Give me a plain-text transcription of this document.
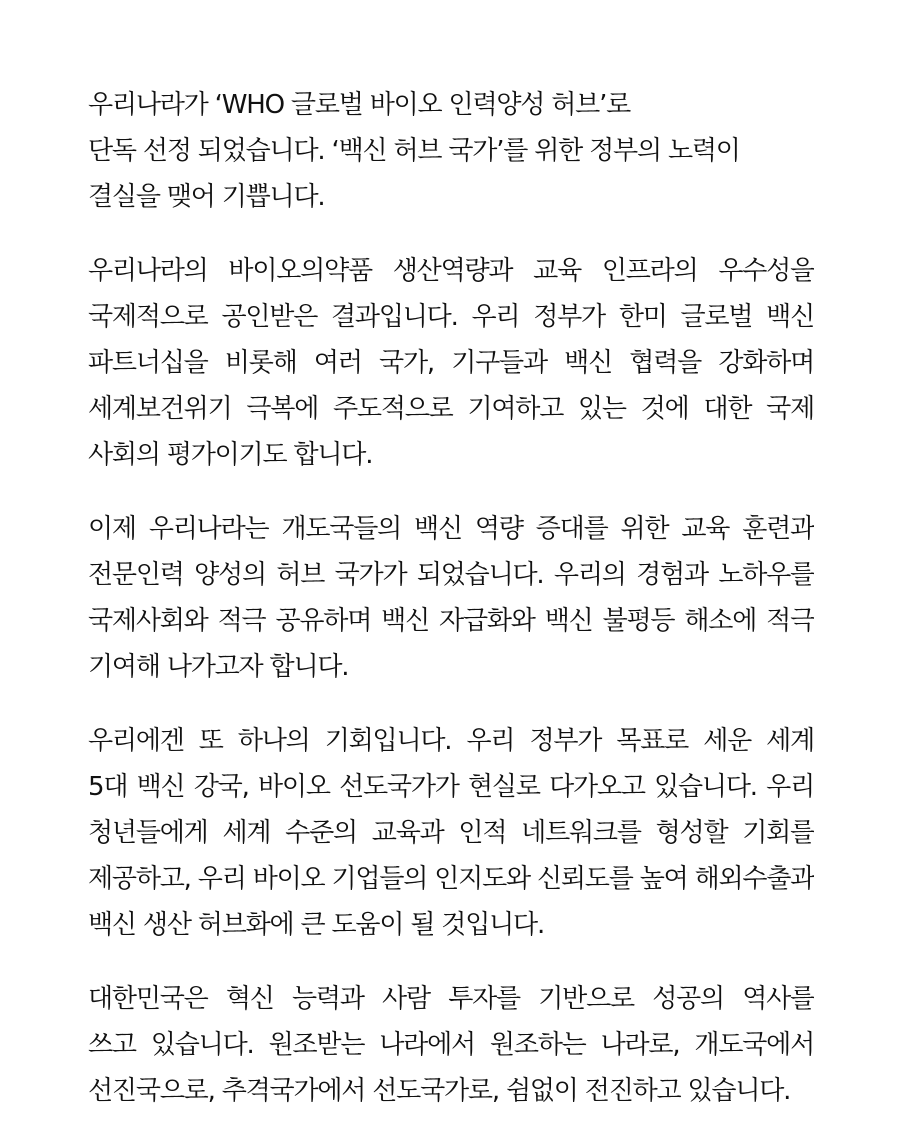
우리나라가 ‘WHO 글로벌 바이오 인력양성 허브’로
단독 선정 되었습니다. ‘백신 허브 국가’를 위한 정부의 노력이
결실을 맺어 기쁩니다.

우리나라의 바이오의약품 생산역량과 교육 인프라의 우수성을
국제적으로 공인받은 결과입니다. 우리 정부가 한미 글로벌 백신
파트너십을 비롯해 여러 국가, 기구들과 백신 협력을 강화하며
세계보건위기 극복에 주도적으로 기여하고 있는 것에 대한 국제
사회의 평가이기도 합니다.

이제 우리나라는 개도국들의 백신 역량 증대를 위한 교육 훈련과
전문인력 양성의 허브 국가가 되었습니다. 우리의 경험과 노하우를
국제사회와 적극 공유하며 백신 자급화와 백신 불평등 해소에 적극
기여해 나가고자 합니다.

우리에겐 또 하나의 기회입니다. 우리 정부가 목표로 세운 세계
5대 백신 강국, 바이오 선도국가가 현실로 다가오고 있습니다. 우리
청년들에게 세계 수준의 교육과 인적 네트워크를 형성할 기회를
제공하고, 우리 바이오 기업들의 인지도와 신뢰도를 높여 해외수출과
백신 생산 허브화에 큰 도움이 될 것입니다.

대한민국은 혁신 능력과 사람 투자를 기반으로 성공의 역사를
쓰고 있습니다. 원조받는 나라에서 원조하는 나라로, 개도국에서
선진국으로, 추격국가에서 선도국가로, 쉼없이 전진하고 있습니다.
